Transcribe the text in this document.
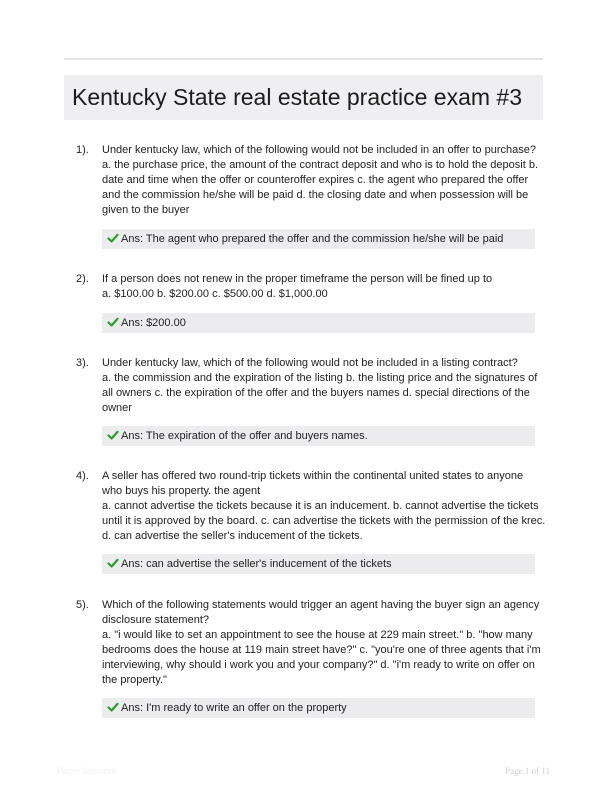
Kentucky State real estate practice exam #3
1). Under kentucky law, which of the following would not be included in an offer to purchase?
a. the purchase price, the amount of the contract deposit and who is to hold the deposit b.
date and time when the offer or counteroffer expires c. the agent who prepared the offer
and the commission he/she will be paid d. the closing date and when possession will be
given to the buyer
Ans: The agent who prepared the offer and the commission he/she will be paid
2). If a person does not renew in the proper timeframe the person will be fined up to
a. $100.00 b. $200.00 c. $500.00 d. $1,000.00
Ans: $200.00
3). Under kentucky law, which of the following would not be included in a listing contract?
a. the commission and the expiration of the listing b. the listing price and the signatures of
all owners c. the expiration of the offer and the buyers names d. special directions of the
owner
Ans: The expiration of the offer and buyers names.
4). A seller has offered two round-trip tickets within the continental united states to anyone
who buys his property. the agent
a. cannot advertise the tickets because it is an inducement. b. cannot advertise the tickets
until it is approved by the board. c. can advertise the tickets with the permission of the krec.
d. can advertise the seller's inducement of the tickets.
Ans: can advertise the seller's inducement of the tickets
5). Which of the following statements would trigger an agent having the buyer sign an agency
disclosure statement?
a. "i would like to set an appointment to see the house at 229 main street." b. "how many
bedrooms does the house at 119 main street have?" c. "you're one of three agents that i'm
interviewing, why should i work you and your company?" d. "i'm ready to write on offer on
the property."
Ans: I'm ready to write an offer on the property
PaperSite.com	Page 1 of 11
